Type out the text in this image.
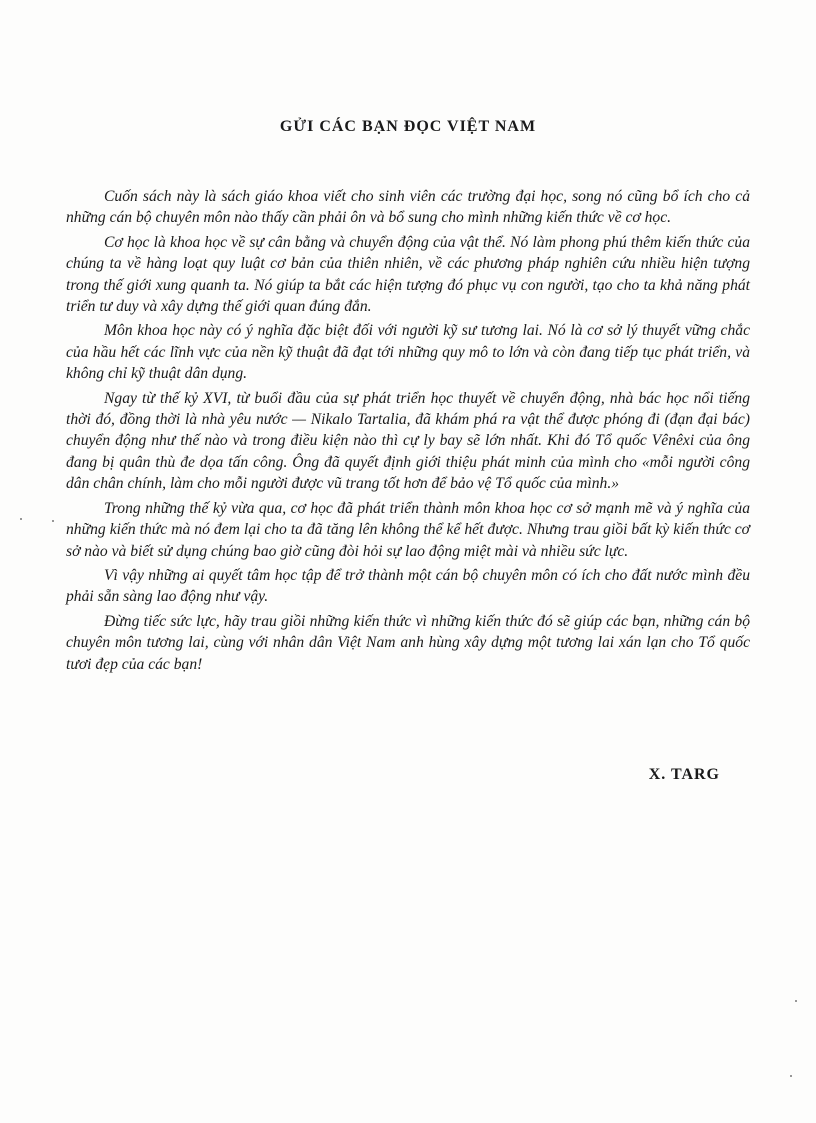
GỬI CÁC BẠN ĐỌC VIỆT NAM

Cuốn sách này là sách giáo khoa viết cho sinh viên các trường đại học, song nó cũng bổ ích cho cả những cán bộ chuyên môn nào thấy cần phải ôn và bổ sung cho mình những kiến thức về cơ học.

Cơ học là khoa học về sự cân bằng và chuyển động của vật thể. Nó làm phong phú thêm kiến thức của chúng ta về hàng loạt quy luật cơ bản của thiên nhiên, về các phương pháp nghiên cứu nhiều hiện tượng trong thế giới xung quanh ta. Nó giúp ta bắt các hiện tượng đó phục vụ con người, tạo cho ta khả năng phát triển tư duy và xây dựng thế giới quan đúng đắn.

Môn khoa học này có ý nghĩa đặc biệt đối với người kỹ sư tương lai. Nó là cơ sở lý thuyết vững chắc của hầu hết các lĩnh vực của nền kỹ thuật đã đạt tới những quy mô to lớn và còn đang tiếp tục phát triển, và không chỉ kỹ thuật dân dụng.

Ngay từ thế kỷ XVI, từ buổi đầu của sự phát triển học thuyết về chuyển động, nhà bác học nổi tiếng thời đó, đồng thời là nhà yêu nước — Nikalo Tartalia, đã khám phá ra vật thể được phóng đi (đạn đại bác) chuyển động như thế nào và trong điều kiện nào thì cự ly bay sẽ lớn nhất. Khi đó Tổ quốc Vênêxi của ông đang bị quân thù đe dọa tấn công. Ông đã quyết định giới thiệu phát minh của mình cho «mỗi người công dân chân chính, làm cho mỗi người được vũ trang tốt hơn để bảo vệ Tổ quốc của mình.»

Trong những thế kỷ vừa qua, cơ học đã phát triển thành môn khoa học cơ sở mạnh mẽ và ý nghĩa của những kiến thức mà nó đem lại cho ta đã tăng lên không thể kể hết được. Nhưng trau giồi bất kỳ kiến thức cơ sở nào và biết sử dụng chúng bao giờ cũng đòi hỏi sự lao động miệt mài và nhiều sức lực.

Vì vậy những ai quyết tâm học tập để trở thành một cán bộ chuyên môn có ích cho đất nước mình đều phải sẵn sàng lao động như vậy.

Đừng tiếc sức lực, hãy trau giồi những kiến thức vì những kiến thức đó sẽ giúp các bạn, những cán bộ chuyên môn tương lai, cùng với nhân dân Việt Nam anh hùng xây dựng một tương lai xán lạn cho Tổ quốc tươi đẹp của các bạn!

X. TARG
